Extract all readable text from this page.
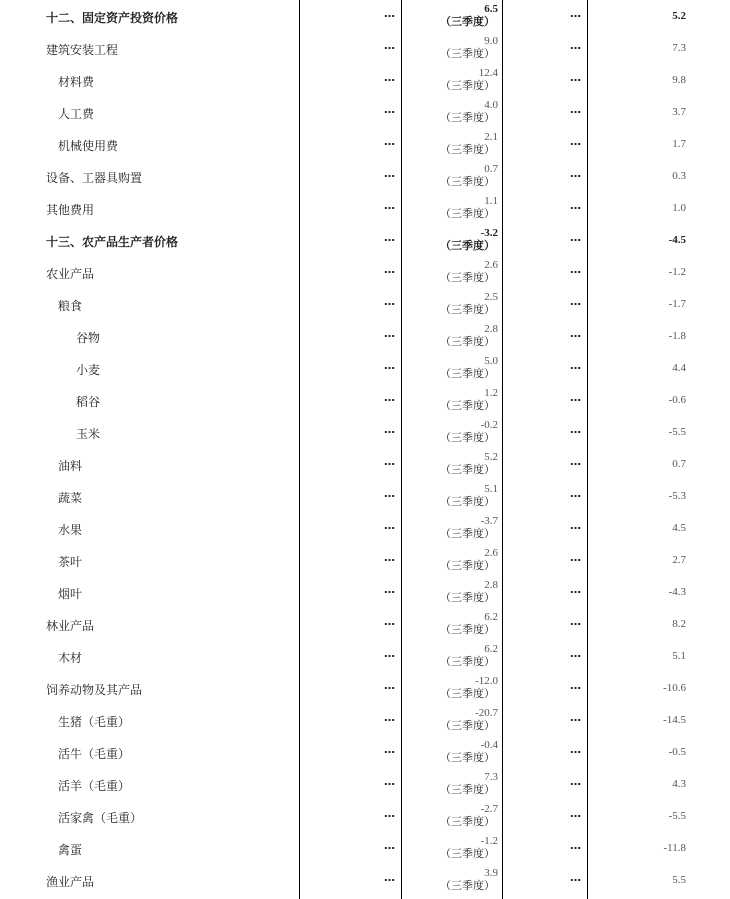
十二、固定资产投资价格	…	6.5
（三季度）
…	5.2
建筑安装工程	…	9.0
（三季度）
…	7.3
材料费	…	12.4
（三季度）
…	9.8
人工费	…	4.0
（三季度）
…	3.7
机械使用费	…	2.1
（三季度）
…	1.7
设备、工器具购置	…	0.7
（三季度）
…	0.3
其他费用	…	1.1
（三季度）
…	1.0
十三、农产品生产者价格	…	-3.2
（三季度）
…	-4.5
农业产品	…	2.6
（三季度）
…	-1.2
粮食	…	2.5
（三季度）
…	-1.7
谷物	…	2.8
（三季度）
…	-1.8
小麦	…	5.0
（三季度）
…	4.4
稻谷	…	1.2
（三季度）
…	-0.6
玉米	…	-0.2
（三季度）
…	-5.5
油料	…	5.2
（三季度）
…	0.7
蔬菜	…	5.1
（三季度）
…	-5.3
水果	…	-3.7
（三季度）
…	4.5
茶叶	…	2.6
（三季度）
…	2.7
烟叶	…	2.8
（三季度）
…	-4.3
林业产品	…	6.2
（三季度）
…	8.2
木材	…	6.2
（三季度）
…	5.1
饲养动物及其产品	…	-12.0
（三季度）
…	-10.6
生猪（毛重）	…	-20.7
（三季度）
…	-14.5
活牛（毛重）	…	-0.4
（三季度）
…	-0.5
活羊（毛重）	…	7.3
（三季度）
…	4.3
活家禽（毛重）	…	-2.7
（三季度）
…	-5.5
禽蛋	…	-1.2
（三季度）
…	-11.8
渔业产品	…	3.9
（三季度）
…	5.5
